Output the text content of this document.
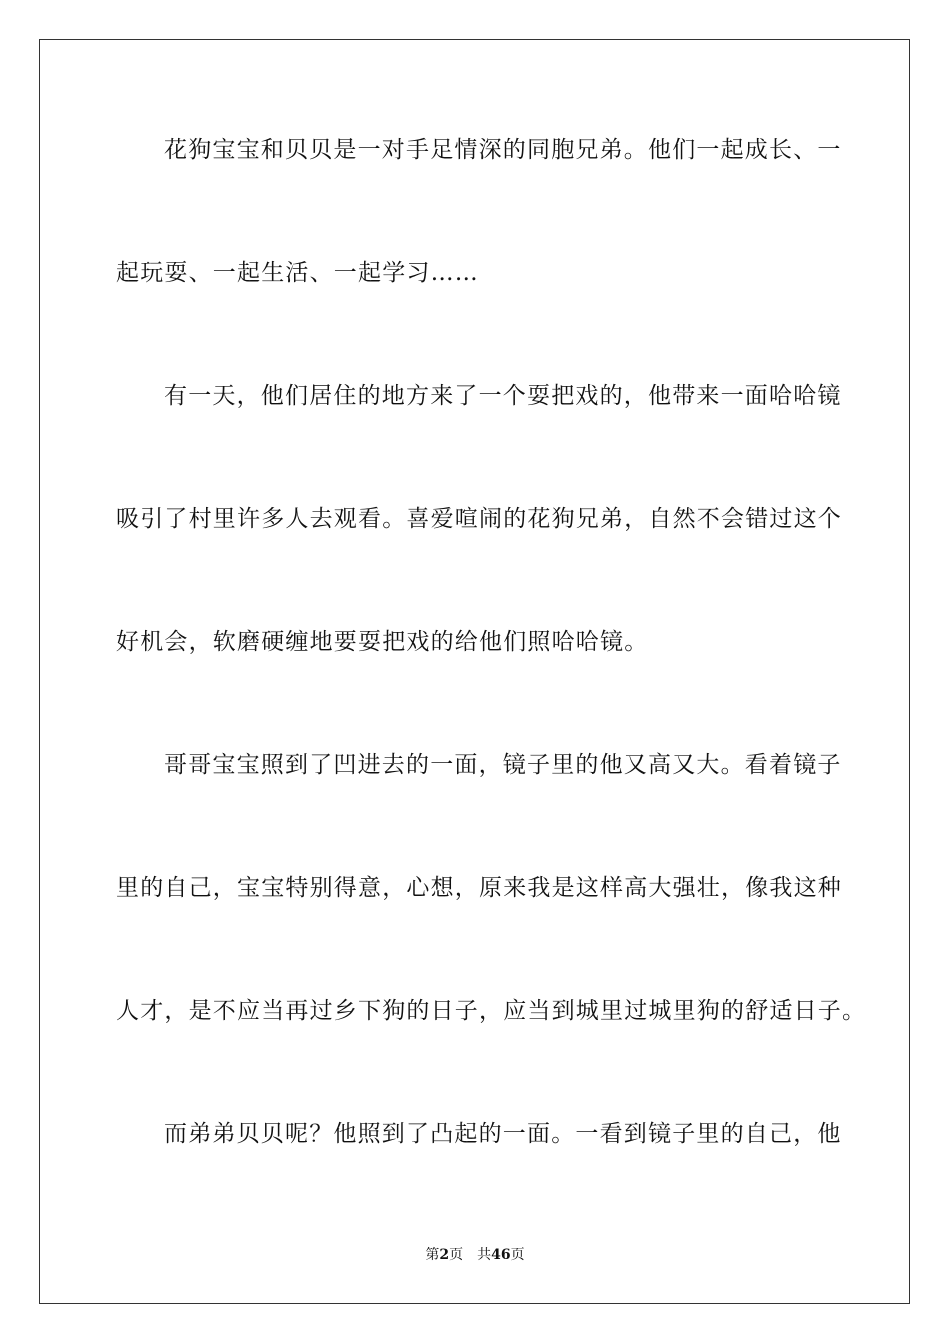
花狗宝宝和贝贝是一对手足情深的同胞兄弟。他们一起成长、一
起玩耍、一起生活、一起学习……
有一天，他们居住的地方来了一个耍把戏的，他带来一面哈哈镜
吸引了村里许多人去观看。喜爱喧闹的花狗兄弟，自然不会错过这个
好机会，软磨硬缠地要耍把戏的给他们照哈哈镜。
哥哥宝宝照到了凹进去的一面，镜子里的他又高又大。看着镜子
里的自己，宝宝特别得意，心想，原来我是这样高大强壮，像我这种
人才，是不应当再过乡下狗的日子，应当到城里过城里狗的舒适日子。
而弟弟贝贝呢？他照到了凸起的一面。一看到镜子里的自己，他
第2页 共46页
